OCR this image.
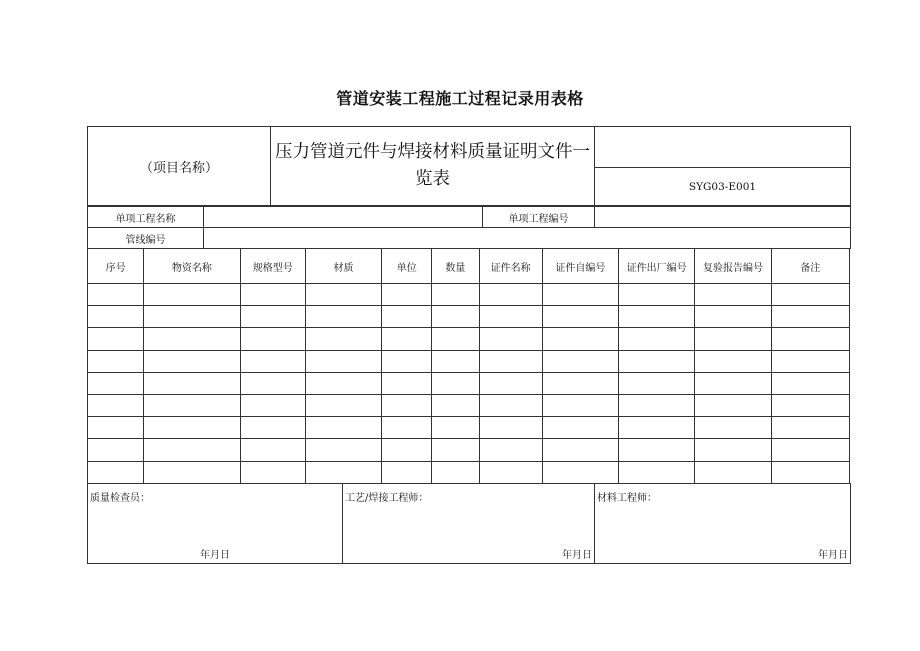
管道安装工程施工过程记录用表格
（项目名称）	压力管道元件与焊接材料质量证明文件一览表	
SYG03-E001
单项工程名称		单项工程编号	
管线编号			
序号	物资名称	规格型号	材质	单位	数量	证件名称	证件自编号	证件出厂编号	复验报告编号	备注

质量检查员：
年月日

工艺/焊接工程师：
年月日

材料工程师：
年月日
